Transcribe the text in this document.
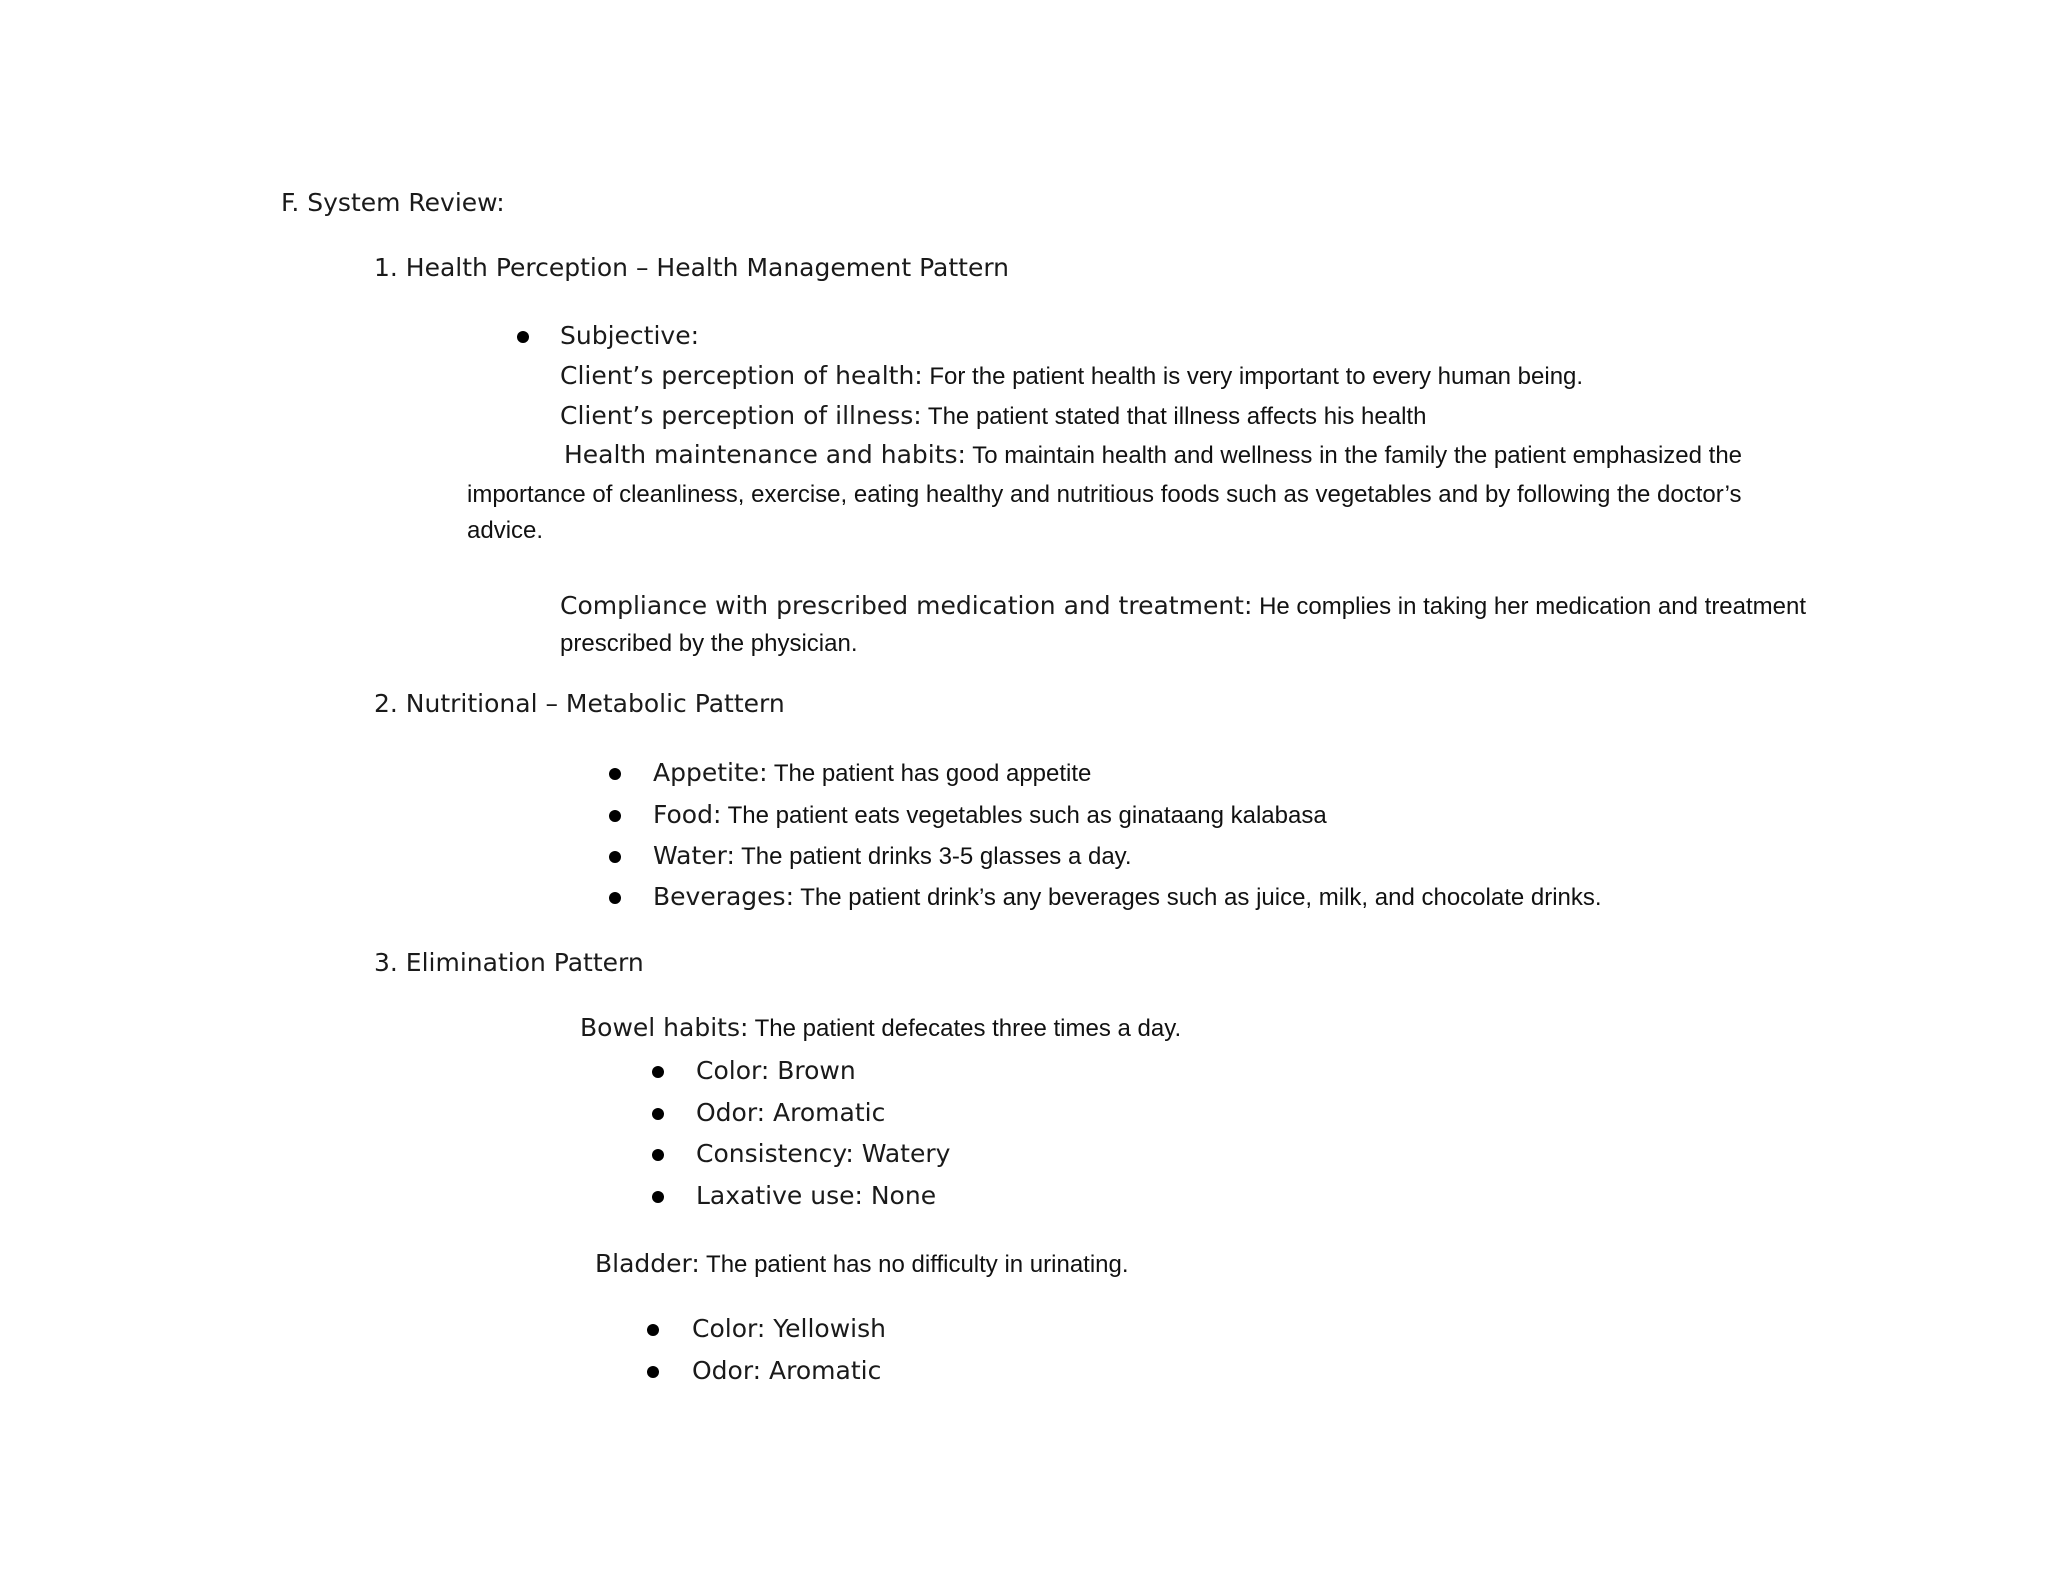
F. System Review:
1. Health Perception – Health Management Pattern
Subjective:
Client’s perception of health: For the patient health is very important to every human being.
Client’s perception of illness: The patient stated that illness affects his health
Health maintenance and habits: To maintain health and wellness in the family the patient emphasized the
importance of cleanliness, exercise, eating healthy and nutritious foods such as vegetables and by following the doctor’s
advice.
Compliance with prescribed medication and treatment: He complies in taking her medication and treatment
prescribed by the physician.
2. Nutritional – Metabolic Pattern
Appetite: The patient has good appetite
Food: The patient eats vegetables such as ginataang kalabasa
Water: The patient drinks 3-5 glasses a day.
Beverages: The patient drink’s any beverages such as juice, milk, and chocolate drinks.
3. Elimination Pattern
Bowel habits: The patient defecates three times a day.
Color: Brown
Odor: Aromatic
Consistency: Watery
Laxative use: None
Bladder: The patient has no difficulty in urinating.
Color: Yellowish
Odor: Aromatic
